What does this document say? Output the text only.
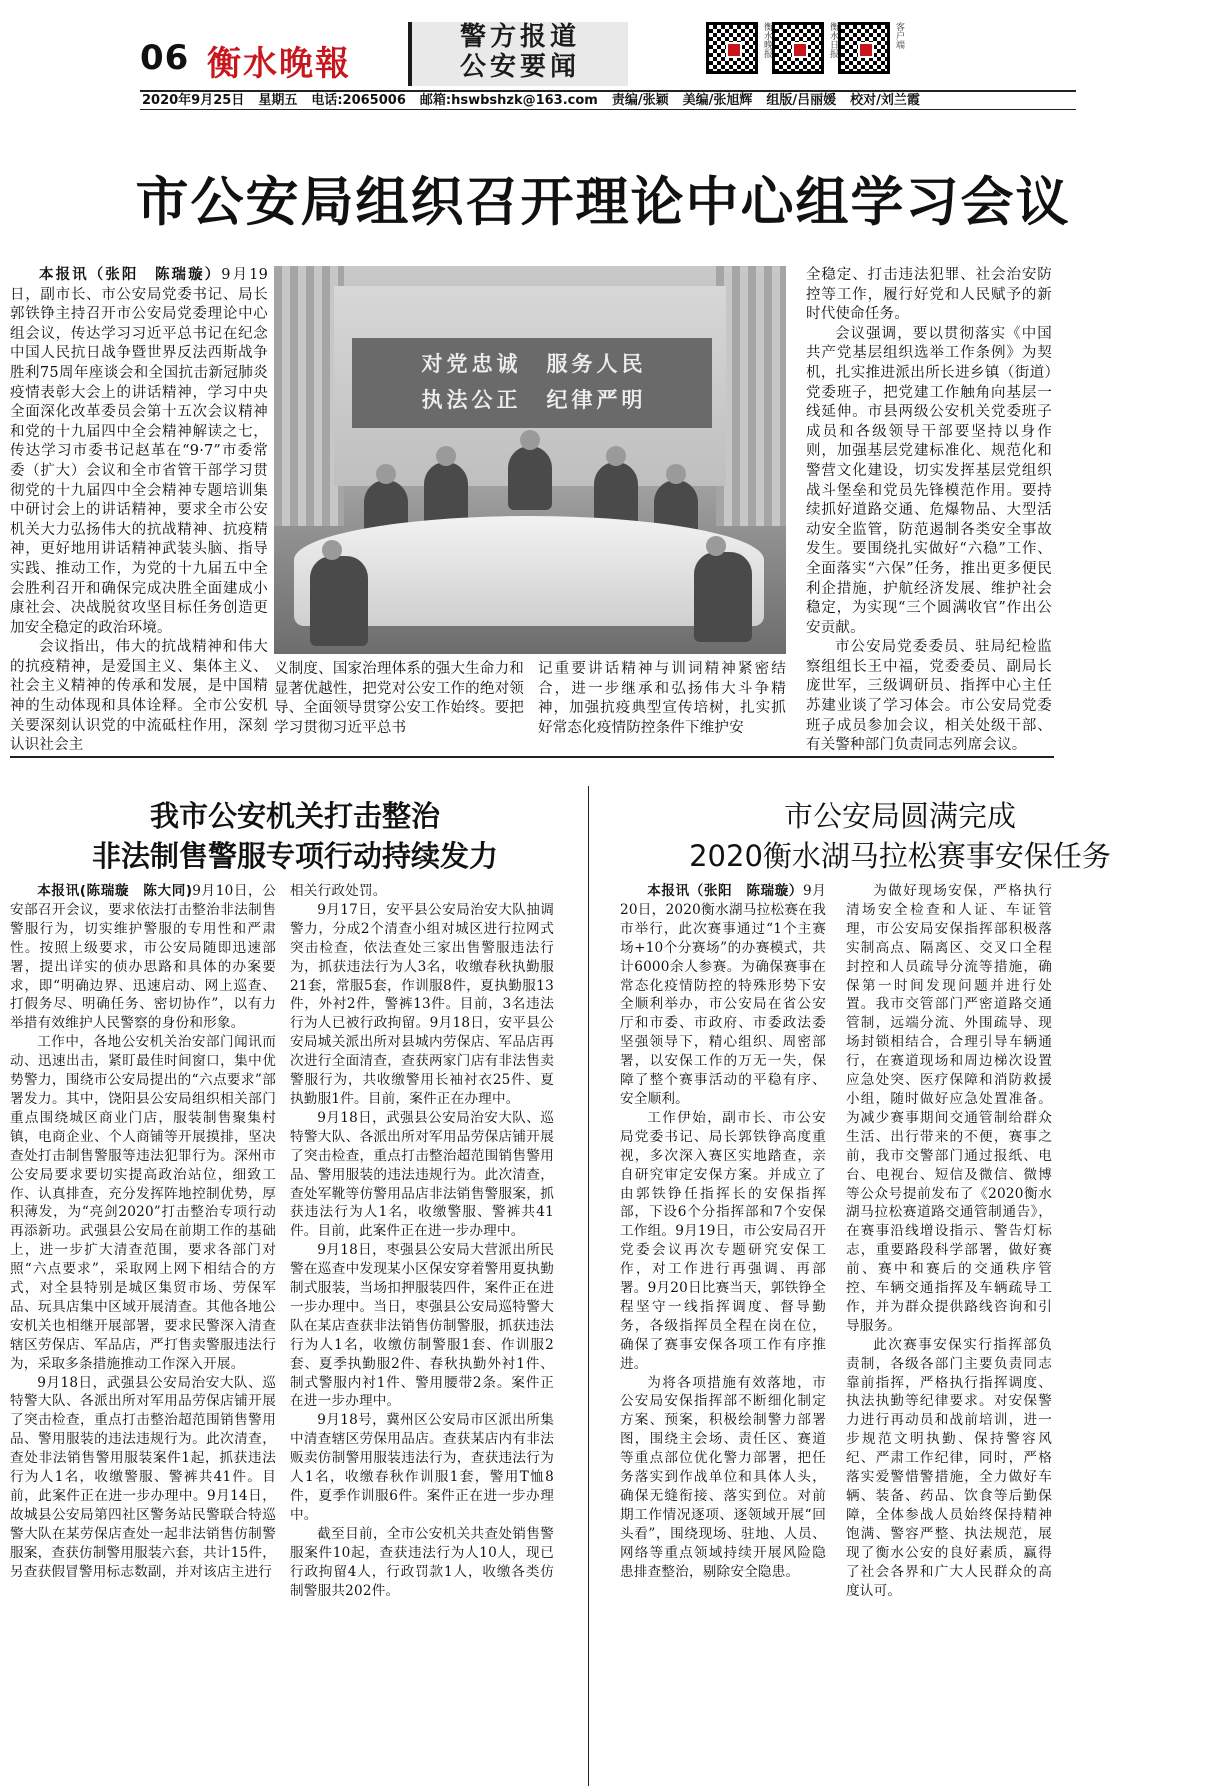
06 衡水晚報
警方报道
公安要闻
衡水晚报	衡水日报	客户端
2020年9月25日 星期五 电话:2065006 邮箱:hswbshzk@163.com 责编/张颖 美编/张旭辉 组版/吕丽媛 校对/刘兰霞
市公安局组织召开理论中心组学习会议

本报讯（张阳　陈瑞璇）9月19日，副市长、市公安局党委书记、局长郭铁铮主持召开市公安局党委理论中心组会议，传达学习习近平总书记在纪念中国人民抗日战争暨世界反法西斯战争胜利75周年座谈会和全国抗击新冠肺炎疫情表彰大会上的讲话精神，学习中央全面深化改革委员会第十五次会议精神和党的十九届四中全会精神解读之七，传达学习市委书记赵革在“9·7”市委常委（扩大）会议和全市省管干部学习贯彻党的十九届四中全会精神专题培训集中研讨会上的讲话精神，要求全市公安机关大力弘扬伟大的抗战精神、抗疫精神，更好地用讲话精神武装头脑、指导实践、推动工作，为党的十九届五中全会胜利召开和确保完成决胜全面建成小康社会、决战脱贫攻坚目标任务创造更加安全稳定的政治环境。

会议指出，伟大的抗战精神和伟大的抗疫精神，是爱国主义、集体主义、社会主义精神的传承和发展，是中国精神的生动体现和具体诠释。全市公安机关要深刻认识党的中流砥柱作用，深刻认识社会主

对党忠诚　服务人民
执法公正　纪律严明

义制度、国家治理体系的强大生命力和显著优越性，把党对公安工作的绝对领导、全面领导贯穿公安工作始终。要把学习贯彻习近平总书

记重要讲话精神与训词精神紧密结合，进一步继承和弘扬伟大斗争精神，加强抗疫典型宣传培树，扎实抓好常态化疫情防控条件下维护安

全稳定、打击违法犯罪、社会治安防控等工作，履行好党和人民赋予的新时代使命任务。

会议强调，要以贯彻落实《中国共产党基层组织选举工作条例》为契机，扎实推进派出所长进乡镇（街道）党委班子，把党建工作触角向基层一线延伸。市县两级公安机关党委班子成员和各级领导干部要坚持以身作则，加强基层党建标准化、规范化和警营文化建设，切实发挥基层党组织战斗堡垒和党员先锋模范作用。要持续抓好道路交通、危爆物品、大型活动安全监管，防范遏制各类安全事故发生。要围绕扎实做好“六稳”工作、全面落实“六保”任务，推出更多便民利企措施，护航经济发展、维护社会稳定，为实现“三个圆满收官”作出公安贡献。

市公安局党委委员、驻局纪检监察组组长王中福，党委委员、副局长庞世军，三级调研员、指挥中心主任苏建业谈了学习体会。市公安局党委班子成员参加会议，相关处级干部、有关警种部门负责同志列席会议。

我市公安机关打击整治
非法制售警服专项行动持续发力

本报讯(陈瑞璇　陈大同)9月10日，公安部召开会议，要求依法打击整治非法制售警服行为，切实维护警服的专用性和严肃性。按照上级要求，市公安局随即迅速部署，提出详实的侦办思路和具体的办案要求，即“明确边界、迅速启动、网上巡查、打假务尽、明确任务、密切协作”，以有力举措有效维护人民警察的身份和形象。

工作中，各地公安机关治安部门闻讯而动、迅速出击，紧盯最佳时间窗口，集中优势警力，围绕市公安局提出的“六点要求”部署发力。其中，饶阳县公安局组织相关部门重点围绕城区商业门店，服装制售聚集村镇，电商企业、个人商铺等开展摸排，坚决查处打击制售警服等违法犯罪行为。深州市公安局要求要切实提高政治站位，细致工作、认真排查，充分发挥阵地控制优势，厚积薄发，为“亮剑2020”打击整治专项行动再添新功。武强县公安局在前期工作的基础上，进一步扩大清查范围，要求各部门对照“六点要求”，采取网上网下相结合的方式，对全县特别是城区集贸市场、劳保军品、玩具店集中区域开展清查。其他各地公安机关也相继开展部署，要求民警深入清查辖区劳保店、军品店，严打售卖警服违法行为，采取多条措施推动工作深入开展。

9月18日，武强县公安局治安大队、巡特警大队、各派出所对军用品劳保店铺开展了突击检查，重点打击整治超范围销售警用品、警用服装的违法违规行为。此次清查，查处非法销售警用服装案件1起，抓获违法行为人1名，收缴警服、警裤共41件。目前，此案件正在进一步办理中。9月14日，故城县公安局第四社区警务站民警联合特巡警大队在某劳保店查处一起非法销售仿制警服案，查获仿制警用服装六套，共计15件，另查获假冒警用标志数副，并对该店主进行

相关行政处罚。

9月17日，安平县公安局治安大队抽调警力，分成2个清查小组对城区进行拉网式突击检查，依法查处三家出售警服违法行为，抓获违法行为人3名，收缴春秋执勤服21套，常服5套，作训服8件，夏执勤服13件，外衬2件，警裤13件。目前，3名违法行为人已被行政拘留。9月18日，安平县公安局城关派出所对县城内劳保店、军品店再次进行全面清查，查获两家门店有非法售卖警服行为，共收缴警用长袖衬衣25件、夏执勤服1件。目前，案件正在办理中。

9月18日，武强县公安局治安大队、巡特警大队、各派出所对军用品劳保店铺开展了突击检查，重点打击整治超范围销售警用品、警用服装的违法违规行为。此次清查，查处军靴等仿警用品店非法销售警服案，抓获违法行为人1名，收缴警服、警裤共41件。目前，此案件正在进一步办理中。

9月18日，枣强县公安局大营派出所民警在巡查中发现某小区保安穿着警用夏执勤制式服装，当场扣押服装四件，案件正在进一步办理中。当日，枣强县公安局巡特警大队在某店查获非法销售仿制警服，抓获违法行为人1名，收缴仿制警服1套、作训服2套、夏季执勤服2件、春秋执勤外衬1件、制式警服内衬1件、警用腰带2条。案件正在进一步办理中。

9月18号，冀州区公安局市区派出所集中清查辖区劳保用品店。查获某店内有非法贩卖仿制警用服装违法行为，查获违法行为人1名，收缴春秋作训服1套，警用T恤8件，夏季作训服6件。案件正在进一步办理中。

截至目前，全市公安机关共查处销售警服案件10起，查获违法行为人10人，现已行政拘留4人，行政罚款1人，收缴各类仿制警服共202件。

市公安局圆满完成
2020衡水湖马拉松赛事安保任务

本报讯（张阳　陈瑞璇）9月20日，2020衡水湖马拉松赛在我市举行，此次赛事通过“1个主赛场+10个分赛场”的办赛模式，共计6000余人参赛。为确保赛事在常态化疫情防控的特殊形势下安全顺利举办，市公安局在省公安厅和市委、市政府、市委政法委坚强领导下，精心组织、周密部署，以安保工作的万无一失，保障了整个赛事活动的平稳有序、安全顺利。

工作伊始，副市长、市公安局党委书记、局长郭铁铮高度重视，多次深入赛区实地踏查，亲自研究审定安保方案。并成立了由郭铁铮任指挥长的安保指挥部，下设6个分指挥部和7个安保工作组。9月19日，市公安局召开党委会议再次专题研究安保工作，对工作进行再强调、再部署。9月20日比赛当天，郭铁铮全程坚守一线指挥调度、督导勤务，各级指挥员全程在岗在位，确保了赛事安保各项工作有序推进。

为将各项措施有效落地，市公安局安保指挥部不断细化制定方案、预案，积极绘制警力部署图，围绕主会场、责任区、赛道等重点部位优化警力部署，把任务落实到作战单位和具体人头，确保无缝衔接、落实到位。对前期工作情况逐项、逐领域开展“回头看”，围绕现场、驻地、人员、网络等重点领域持续开展风险隐患排查整治，剔除安全隐患。

为做好现场安保，严格执行清场安全检查和人证、车证管理，市公安局安保指挥部积极落实制高点、隔离区、交叉口全程封控和人员疏导分流等措施，确保第一时间发现问题并进行处置。我市交管部门严密道路交通管制，远端分流、外围疏导、现场封锁相结合，合理引导车辆通行，在赛道现场和周边梯次设置应急处突、医疗保障和消防救援小组，随时做好应急处置准备。为减少赛事期间交通管制给群众生活、出行带来的不便，赛事之前，我市交警部门通过报纸、电台、电视台、短信及微信、微博等公众号提前发布了《2020衡水湖马拉松赛道路交通管制通告》，在赛事沿线增设指示、警告灯标志，重要路段科学部署，做好赛前、赛中和赛后的交通秩序管控、车辆交通指挥及车辆疏导工作，并为群众提供路线咨询和引导服务。

此次赛事安保实行指挥部负责制，各级各部门主要负责同志靠前指挥，严格执行指挥调度、执法执勤等纪律要求。对安保警力进行再动员和战前培训，进一步规范文明执勤、保持警容风纪、严肃工作纪律，同时，严格落实爱警惜警措施，全力做好车辆、装备、药品、饮食等后勤保障，全体参战人员始终保持精神饱满、警容严整、执法规范，展现了衡水公安的良好素质，赢得了社会各界和广大人民群众的高度认可。
